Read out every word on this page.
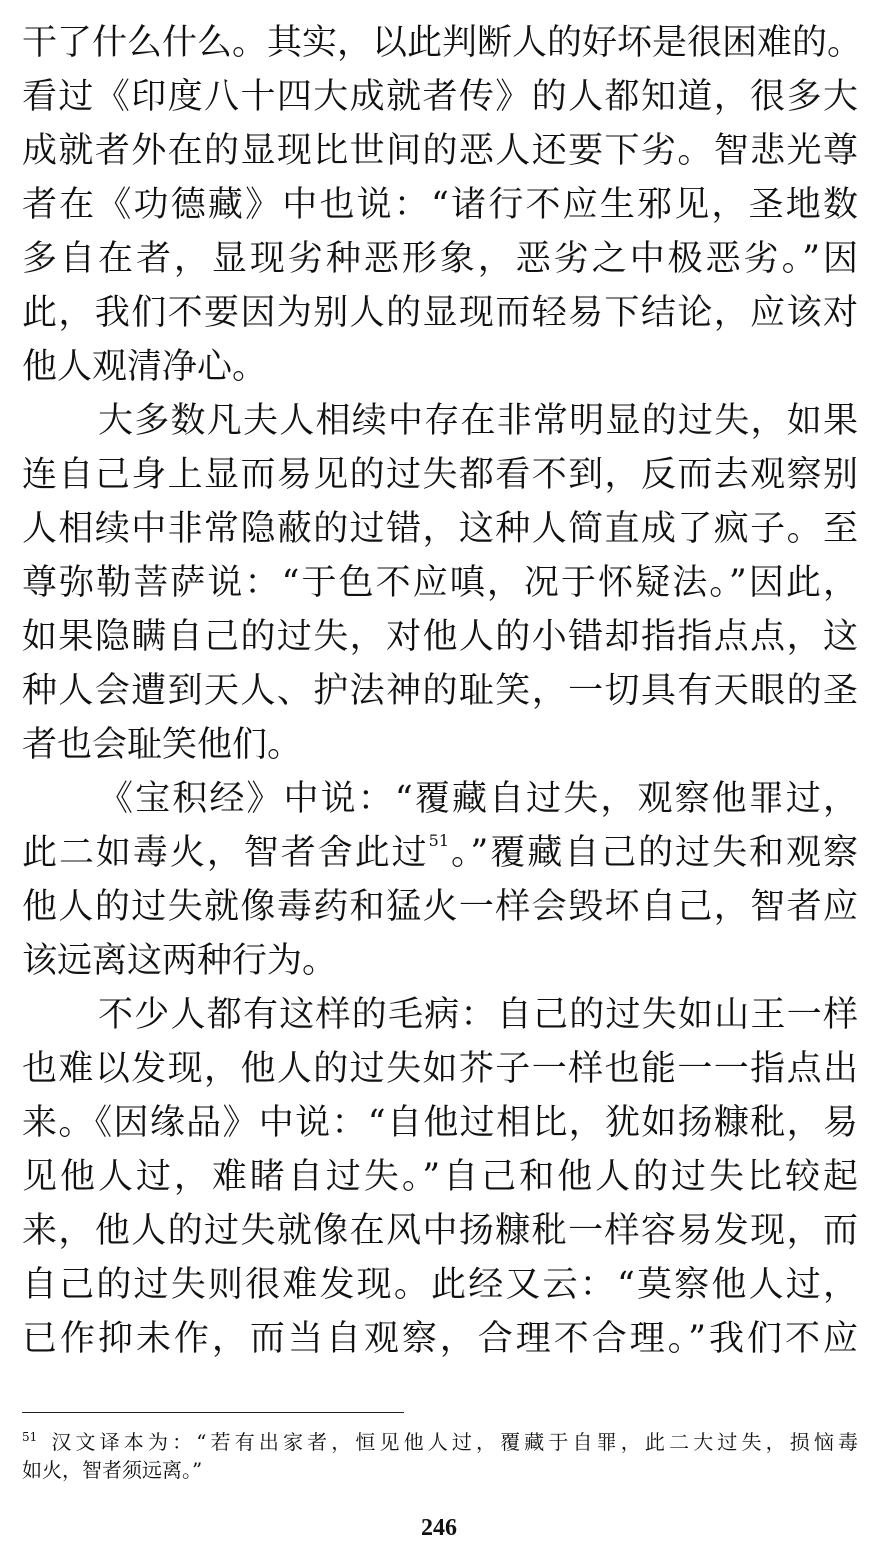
干了什么什么。其实，以此判断人的好坏是很困难的。
看过《印度八十四大成就者传》的人都知道，很多大
成就者外在的显现比世间的恶人还要下劣。智悲光尊
者在《功德藏》中也说：“诸行不应生邪见，圣地数
多自在者，显现劣种恶形象，恶劣之中极恶劣。”因
此，我们不要因为别人的显现而轻易下结论，应该对
他人观清净心。
大多数凡夫人相续中存在非常明显的过失，如果
连自己身上显而易见的过失都看不到，反而去观察别
人相续中非常隐蔽的过错，这种人简直成了疯子。至
尊弥勒菩萨说：“于色不应嗔，况于怀疑法。”因此，
如果隐瞒自己的过失，对他人的小错却指指点点，这
种人会遭到天人、护法神的耻笑，一切具有天眼的圣
者也会耻笑他们。
《宝积经》中说：“覆藏自过失，观察他罪过，
此二如毒火，智者舍此过$^{51}$。”覆藏自己的过失和观察
他人的过失就像毒药和猛火一样会毁坏自己，智者应
该远离这两种行为。
不少人都有这样的毛病：自己的过失如山王一样
也难以发现，他人的过失如芥子一样也能一一指点出
来。《因缘品》中说：“自他过相比，犹如扬糠秕，易
见他人过，难睹自过失。”自己和他人的过失比较起
来，他人的过失就像在风中扬糠秕一样容易发现，而
自己的过失则很难发现。此经又云：“莫察他人过，
已作抑未作，而当自观察，合理不合理。”我们不应
$^{51}$ 汉文译本为：“若有出家者，恒见他人过，覆藏于自罪，此二大过失，损恼毒
如火，智者须远离。”
246
